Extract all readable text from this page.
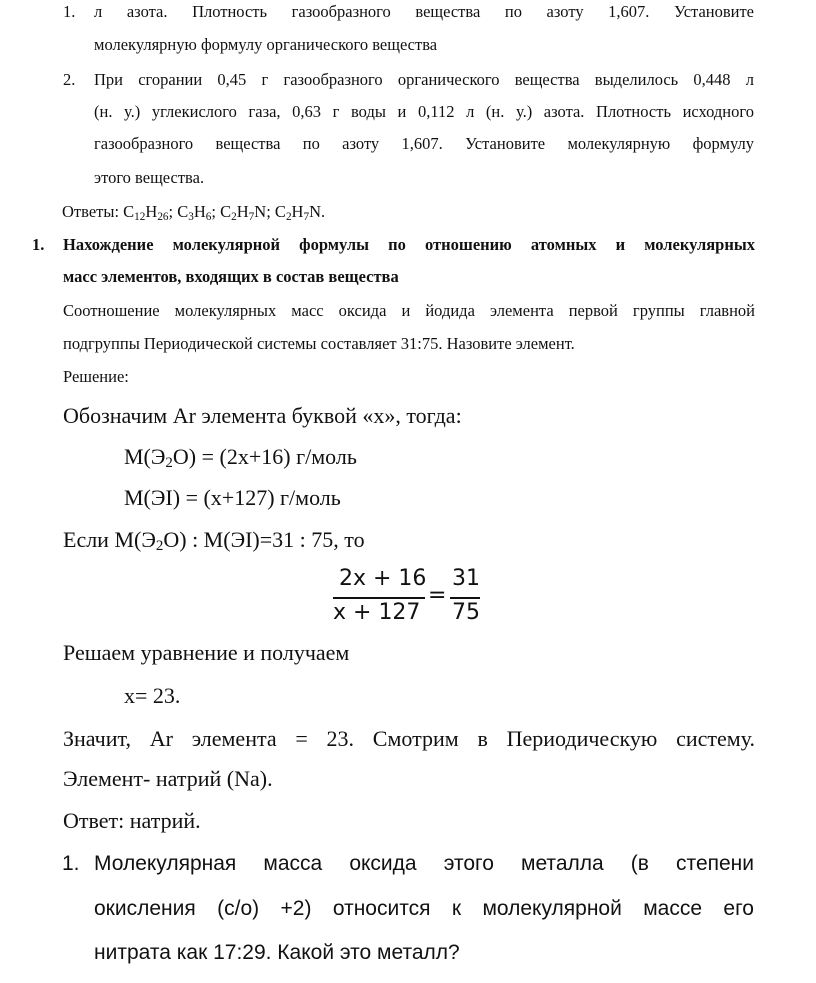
1. л азота. Плотность газообразного вещества по азоту 1,607. Установите
молекулярную формулу органического вещества
2. При сгорании 0,45 г газообразного органического вещества выделилось 0,448 л
(н. у.) углекислого газа, 0,63 г воды и 0,112 л (н. у.) азота. Плотность исходного
газообразного вещества по азоту 1,607. Установите молекулярную формулу
этого вещества.
Ответы: $C_{12}H_{26}$; $C_3H_6$; $C_2H_7N$; $C_2H_7N$.
1. Нахождение молекулярной формулы по отношению атомных и молекулярных
масс элементов, входящих в состав вещества
Соотношение молекулярных масс оксида и йодида элемента первой группы главной
подгруппы Периодической системы составляет 31:75. Назовите элемент.
Решение:
Обозначим Ar элемента буквой «х», тогда:
$М(Э_2О) = (2х+16)$ г/моль
М(ЭI) = (х+127) г/моль
Если $М(Э_2О)$ : М(ЭI)=31 : 75, то
2x + 16
x + 127
=
31
75
Решаем уравнение и получаем
х= 23.
Значит, Ar элемента = 23. Смотрим в Периодическую систему.
Элемент- натрий (Na).
Ответ: натрий.
1. Молекулярная масса оксида этого металла (в степени
окисления (с/о) +2) относится к молекулярной массе его
нитрата как 17:29. Какой это металл?
